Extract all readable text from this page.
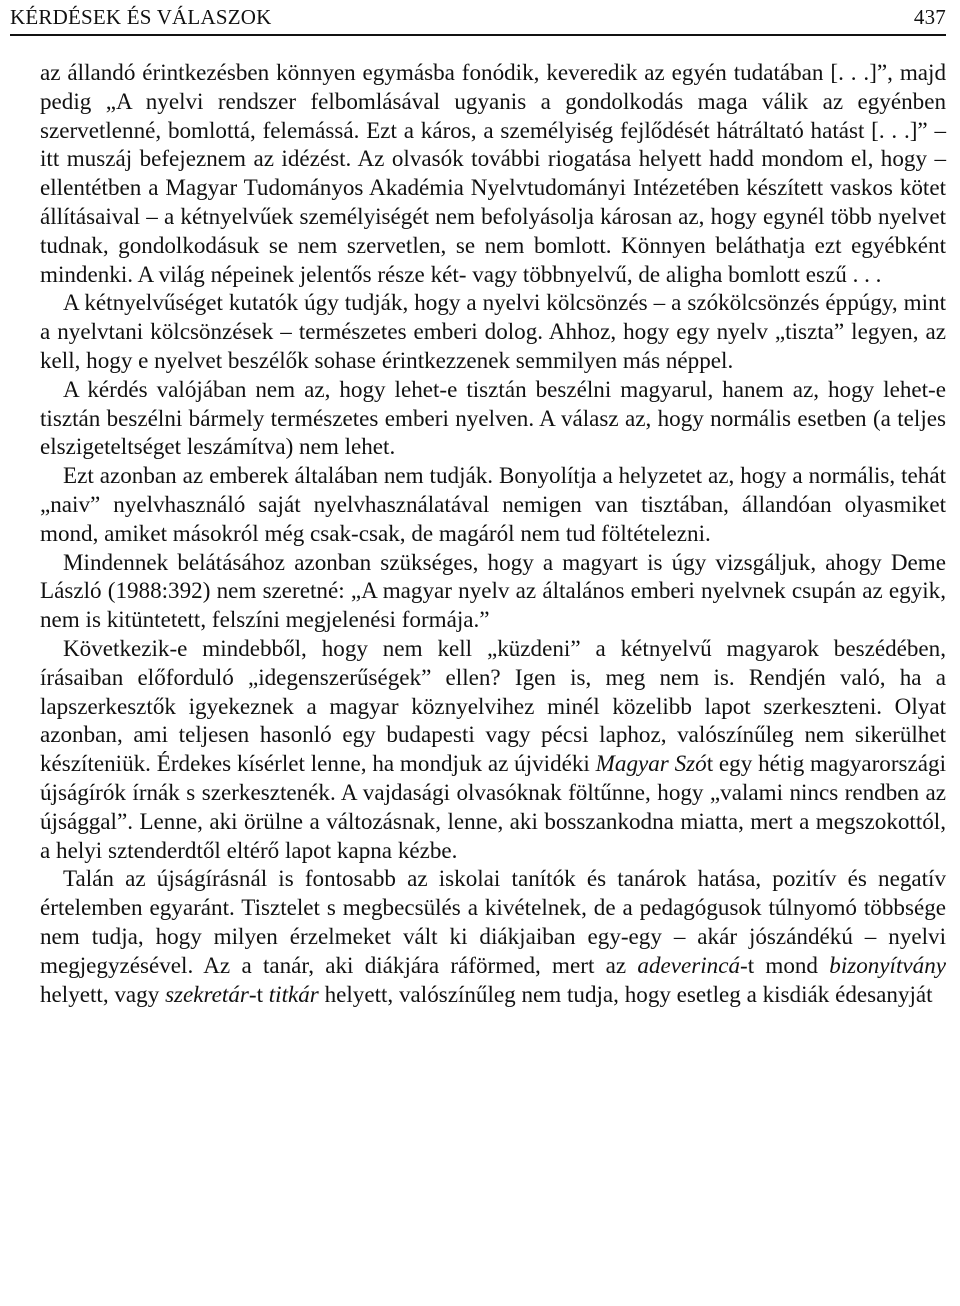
KÉRDÉSEK ÉS VÁLASZOK	437

az állandó érintkezésben könnyen egymásba fonódik, keveredik az egyén tudatában [. . .]”, majd pedig „A nyelvi rendszer felbomlásával ugyanis a gondolkodás maga válik az egyénben szervetlenné, bomlottá, felemássá. Ezt a káros, a személyiség fejlődését hátráltató hatást [. . .]” – itt muszáj befejeznem az idézést. Az olvasók további riogatása helyett hadd mondom el, hogy – ellentétben a Magyar Tudományos Akadémia Nyelvtudományi Intézetében készített vaskos kötet állításaival – a kétnyelvűek személyiségét nem befolyásolja károsan az, hogy egynél több nyelvet tudnak, gondolkodásuk se nem szervetlen, se nem bomlott. Könnyen beláthatja ezt egyébként mindenki. A világ népeinek jelentős része két- vagy többnyelvű, de aligha bomlott eszű . . .

A kétnyelvűséget kutatók úgy tudják, hogy a nyelvi kölcsönzés – a szókölcsönzés éppúgy, mint a nyelvtani kölcsönzések – természetes emberi dolog. Ahhoz, hogy egy nyelv „tiszta” legyen, az kell, hogy e nyelvet beszélők sohase érintkezzenek semmilyen más néppel.

A kérdés valójában nem az, hogy lehet-e tisztán beszélni magyarul, hanem az, hogy lehet-e tisztán beszélni bármely természetes emberi nyelven. A válasz az, hogy normális esetben (a teljes elszigeteltséget leszámítva) nem lehet.

Ezt azonban az emberek általában nem tudják. Bonyolítja a helyzetet az, hogy a normális, tehát „naiv” nyelvhasználó saját nyelvhasználatával nemigen van tisztában, állandóan olyasmiket mond, amiket másokról még csak-csak, de magáról nem tud föltételezni.

Mindennek belátásához azonban szükséges, hogy a magyart is úgy vizsgáljuk, ahogy Deme László (1988:392) nem szeretné: „A magyar nyelv az általános emberi nyelvnek csupán az egyik, nem is kitüntetett, felszíni megjelenési formája.”

Következik-e mindebből, hogy nem kell „küzdeni” a kétnyelvű magyarok beszédében, írásaiban előforduló „idegenszerűségek” ellen? Igen is, meg nem is. Rendjén való, ha a lapszerkesztők igyekeznek a magyar köznyelvihez minél közelibb lapot szerkeszteni. Olyat azonban, ami teljesen hasonló egy budapesti vagy pécsi laphoz, valószínűleg nem sikerülhet készíteniük. Érdekes kísérlet lenne, ha mondjuk az újvidéki Magyar Szót egy hétig magyarországi újságírók írnák s szerkesztenék. A vajdasági olvasóknak föltűnne, hogy „valami nincs rendben az újsággal”. Lenne, aki örülne a változásnak, lenne, aki bosszankodna miatta, mert a megszokottól, a helyi sztenderdtől eltérő lapot kapna kézbe.

Talán az újságírásnál is fontosabb az iskolai tanítók és tanárok hatása, pozitív és negatív értelemben egyaránt. Tisztelet s megbecsülés a kivételnek, de a pedagógusok túlnyomó többsége nem tudja, hogy milyen érzelmeket vált ki diákjaiban egy-egy – akár jószándékú – nyelvi megjegyzésével. Az a tanár, aki diákjára ráförmed, mert az adeverincá-t mond bizonyítvány helyett, vagy szekretár-t titkár helyett, valószínűleg nem tudja, hogy esetleg a kisdiák édesanyját
